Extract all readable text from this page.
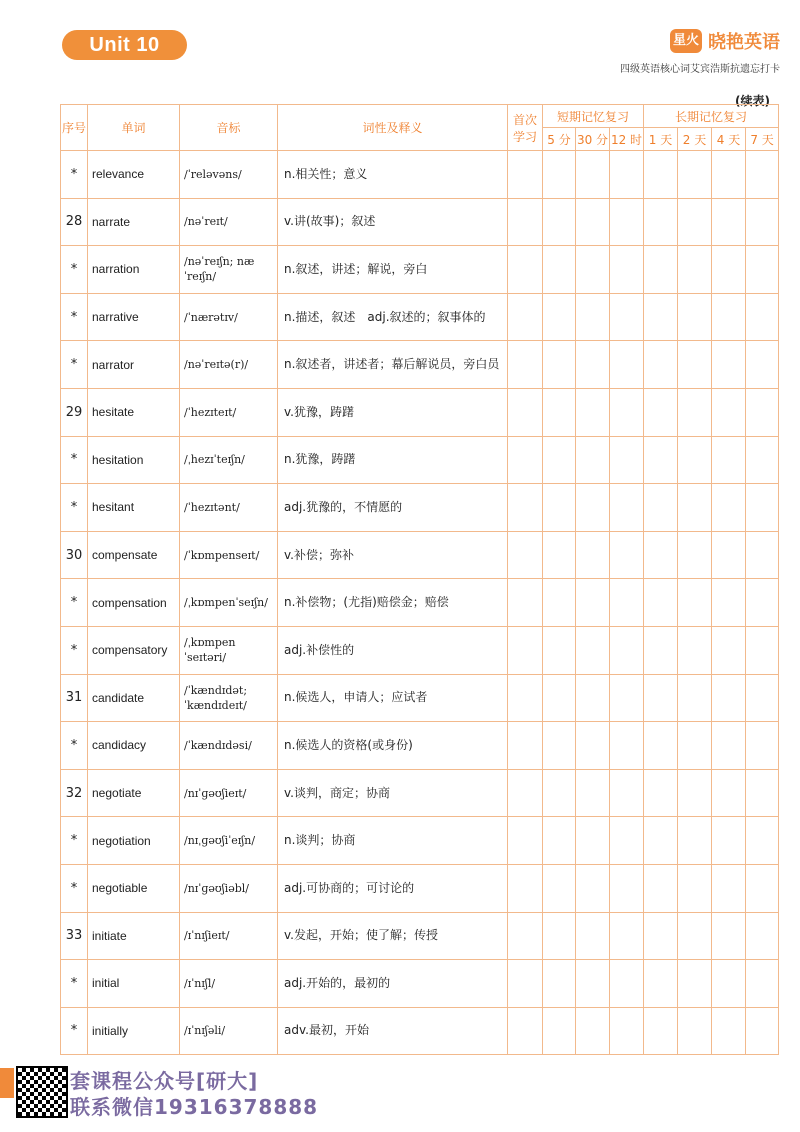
Unit 10	星火 晓艳英语
四级英语核心词艾宾浩斯抗遗忘打卡
(续表)
序号	单词	音标	词性及释义	首次学习	短期记忆复习			长期记忆复习			
					5 分	30 分	12 时	1 天	2 天	4 天	7 天
*	relevance	/ˈreləvəns/	n.相关性；意义								
28	narrate	/nəˈreɪt/	v.讲(故事)；叙述								
*	narration	/nəˈreɪʃn; næˈreɪʃn/	n.叙述，讲述；解说，旁白								
*	narrative	/ˈnærətɪv/	n.描述，叙述　adj.叙述的；叙事体的								
*	narrator	/nəˈreɪtə(r)/	n.叙述者，讲述者；幕后解说员，旁白员								
29	hesitate	/ˈhezɪteɪt/	v.犹豫，踌躇								
*	hesitation	/ˌhezɪˈteɪʃn/	n.犹豫，踌躇								
*	hesitant	/ˈhezɪtənt/	adj.犹豫的，不情愿的								
30	compensate	/ˈkɒmpenseɪt/	v.补偿；弥补								
*	compensation	/ˌkɒmpenˈseɪʃn/	n.补偿物；(尤指)赔偿金；赔偿								
*	compensatory	/ˌkɒmpenˈseɪtəri/	adj.补偿性的								
31	candidate	/ˈkændɪdət; ˈkændɪdeɪt/	n.候选人，申请人；应试者								
*	candidacy	/ˈkændɪdəsi/	n.候选人的资格(或身份)								
32	negotiate	/nɪˈɡəʊʃieɪt/	v.谈判，商定；协商								
*	negotiation	/nɪˌɡəʊʃiˈeɪʃn/	n.谈判；协商								
*	negotiable	/nɪˈɡəʊʃiəbl/	adj.可协商的；可讨论的								
33	initiate	/ɪˈnɪʃieɪt/	v.发起，开始；使了解；传授								
*	initial	/ɪˈnɪʃl/	adj.开始的，最初的								
*	initially	/ɪˈnɪʃəli/	adv.最初，开始								
套课程公众号[研大]
联系微信19316378888
